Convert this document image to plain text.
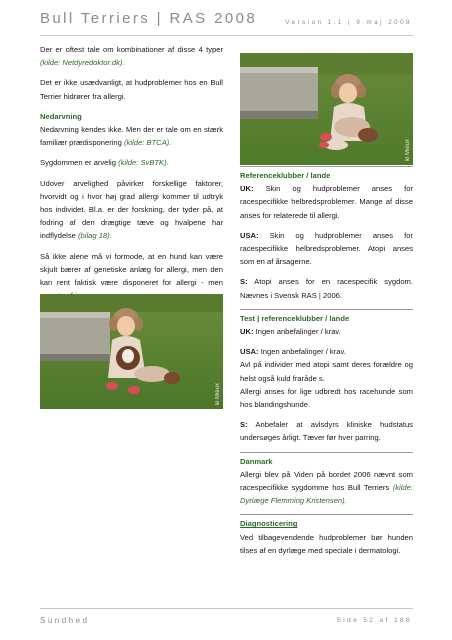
Bull Terriers | RAS 2008	Version 1.1 | 9.maj 2008

Der er oftest tale om kombinationer af disse 4 typer (kilde: Netdyredoktor.dk).

Det er ikke usædvanligt, at hudproblemer hos en Bull Terrier hidrører fra allergi.

Nedarvning

Nedarvning kendes ikke. Men der er tale om en stærk familiær prædisponering (kilde: BTCA).

Sygdommen er arvelig (kilde: SvBTK).

Udover arvelighed påvirker forskellige faktorer, hvorvidt og i hvor høj grad allergi kommer til udtryk hos individet. Bl.a. er der forskning, der tyder på, at fodring af den drægtige tæve og hvalpene har indflydelse (bilag 18).

Så ikke alene må vi formode, at en hund kan være skjult bærer af genetiske anlæg for allergi, men den kan rent faktisk være disponeret for allergi - men

le Mieux
le Mieux

Referenceklubber / lande

UK: Skin og hudproblemer anses for racespecifikke helbredsproblemer. Mange af disse anses for relaterede til allergi.

USA: Skin og hudproblemer anses for racespecifikke helbredsproblemer. Atopi anses som en af årsagerne.

S: Atopi anses for en racespecifik sygdom. Nævnes i Svensk RAS | 2006.

Test | referenceklubber / lande

UK: Ingen anbefalinger / krav.

USA: Ingen anbefalinger / krav.

Avl på individer med atopi samt deres forældre og helst også kuld fraråde s.

Allergi anses for lige udbredt hos racehunde som hos blandingshunde.

S: Anbefaler at avlsdyrs kliniske hudstatus undersøges årligt. Tæver før hver parring.

Danmark

Allergi blev på Viden på bordet 2006 nævnt som racespecifikke sygdomme hos Bull Terriers (kilde: Dyrlæge Flemming Kristensen).

Diagnosticering

Ved tilbagevendende hudproblemer bør hunden tilses af en dyrlæge med speciale i dermatologi.

Sundhed	Side 52 af 188
